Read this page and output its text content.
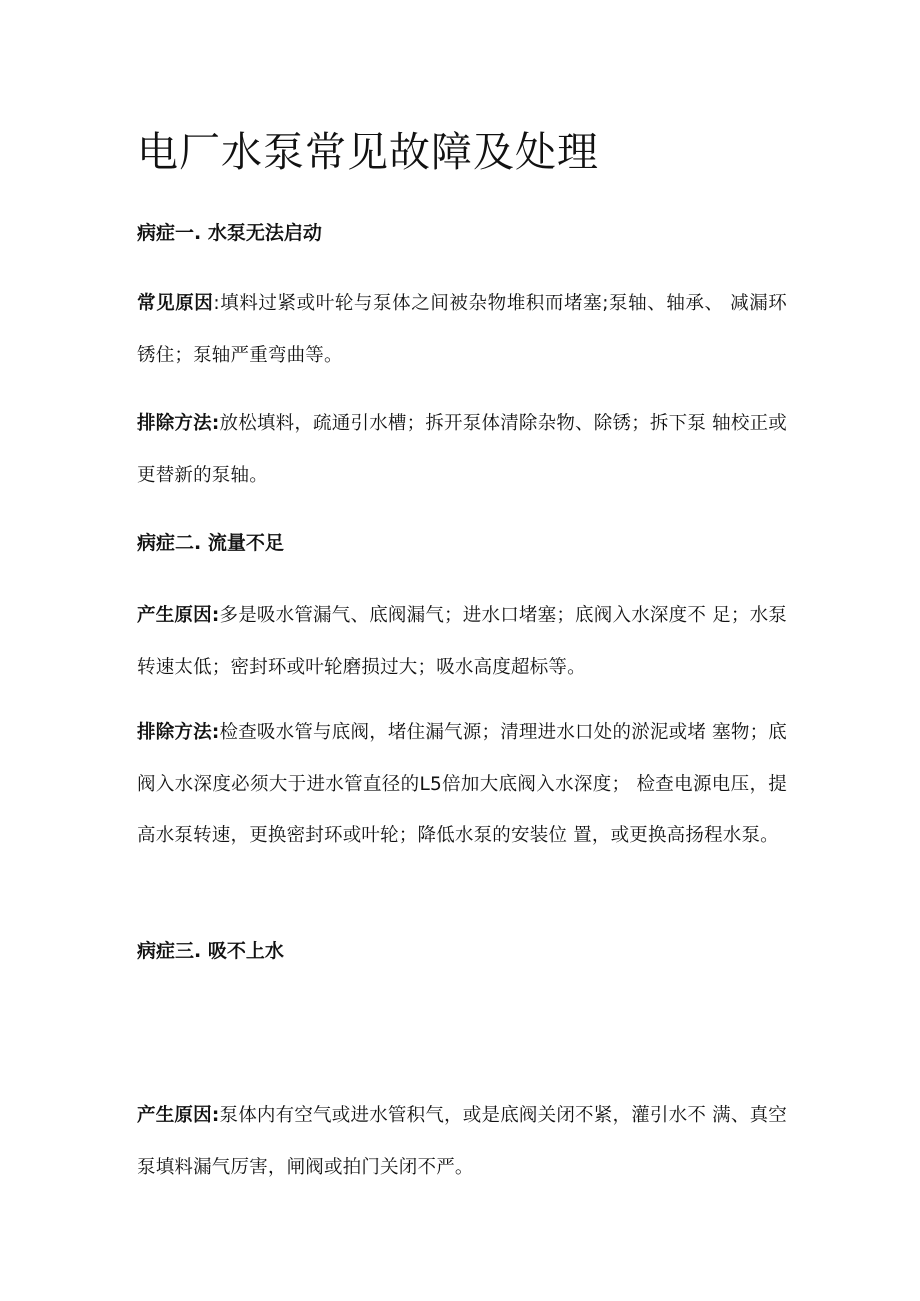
电厂水泵常见故障及处理
病症一. 水泵无法启动

常见原因:填料过紧或叶轮与泵体之间被杂物堆积而堵塞;泵轴、轴承、 减漏环锈住；泵轴严重弯曲等。

排除方法:放松填料，疏通引水槽；拆开泵体清除杂物、除锈；拆下泵 轴校正或更替新的泵轴。

病症二. 流量不足

产生原因:多是吸水管漏气、底阀漏气；进水口堵塞；底阀入水深度不 足；水泵转速太低；密封环或叶轮磨损过大；吸水高度超标等。

排除方法:检查吸水管与底阀，堵住漏气源；清理进水口处的淤泥或堵 塞物；底阀入水深度必须大于进水管直径的L5倍加大底阀入水深度； 检查电源电压，提高水泵转速，更换密封环或叶轮；降低水泵的安装位 置，或更换高扬程水泵。

病症三. 吸不上水

产生原因:泵体内有空气或进水管积气，或是底阀关闭不紧，灌引水不 满、真空泵填料漏气厉害，闸阀或拍门关闭不严。
